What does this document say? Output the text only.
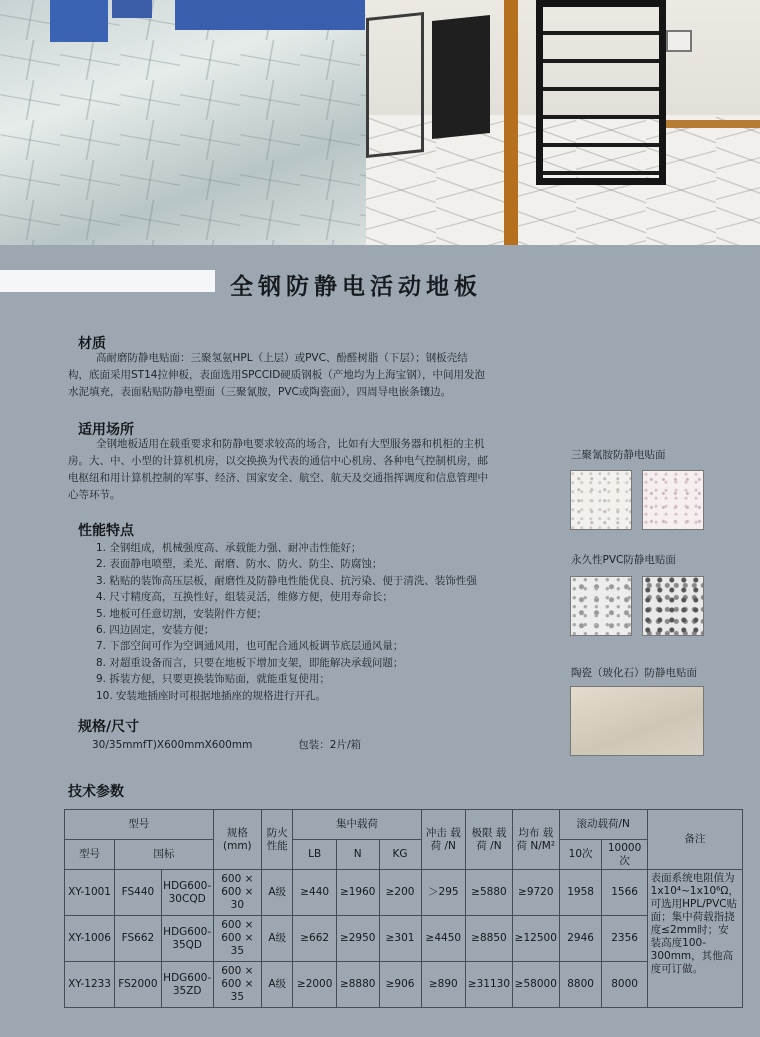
全钢防静电活动地板
材质
高耐磨防静电贴面：三聚氢氨HPL（上层）或PVC、酚醛树脂（下层）；钢板壳结
构，底面采用ST14拉伸板，表面选用SPCCID硬质钢板（产地均为上海宝钢），中间用发泡
水泥填充，表面粘贴防静电塑面（三聚氰胺，PVC或陶瓷面），四周导电嵌条镶边。
适用场所
全钢地板适用在载重要求和防静电要求较高的场合，比如有大型服务器和机柜的主机
房。大、中、小型的计算机机房，以交换换为代表的通信中心机房、各种电气控制机房，邮
电枢纽和用计算机控制的军事、经济、国家安全、航空、航天及交通指挥调度和信息管理中
心等环节。
性能特点
1. 全钢组成，机械强度高、承载能力强、耐冲击性能好；
2. 表面静电喷塑，柔光、耐磨、防水、防火、防尘、防腐蚀；
3. 粘贴的装饰高压层板，耐磨性及防静电性能优良、抗污染、便于清洗、装饰性强
4. 尺寸精度高，互换性好，组装灵活，维修方便，使用寿命长；
5. 地板可任意切割，安装附件方便；
6. 四边固定，安装方便；
7. 下部空间可作为空调通风用，也可配合通风板调节底层通风量；
8. 对超重设备而言，只要在地板下增加支架，即能解决承载问题；
9. 拆装方便，只要更换装饰贴面，就能重复使用；
10. 安装地插座时可根据地插座的规格进行开孔。
规格/尺寸
30/35mmfT)X600mmX600mm	包装：2片/箱
技术参数
三聚氰胺防静电贴面
永久性PVC防静电贴面
陶瓷（玻化石）防静电贴面
型号			规格 (mm)	防火 性能	集中载荷			冲击 载荷 /N	极限 载荷 /N	均布 载荷 N/M²	滚动载荷/N		备注
型号	国标				LB	N	KG				10次	10000次	
XY-1001	FS440	HDG600-30CQD	600 × 600 × 30	A级	≥440	≥1960	≥200	＞295	≥5880	≥9720	1958	1566	表面系统电阻值为1x10⁴~1x10⁶Ω，可选用HPL/PVC贴面；集中荷载指挠度≤2mm时；安装高度100-300mm，其他高度可订做。
XY-1006	FS662	HDG600-35QD	600 × 600 × 35	A级	≥662	≥2950	≥301	≥4450	≥8850	≥12500	2946	2356	
XY-1233	FS2000	HDG600-35ZD	600 × 600 × 35	A级	≥2000	≥8880	≥906	≥890	≥31130	≥58000	8800	8000	
